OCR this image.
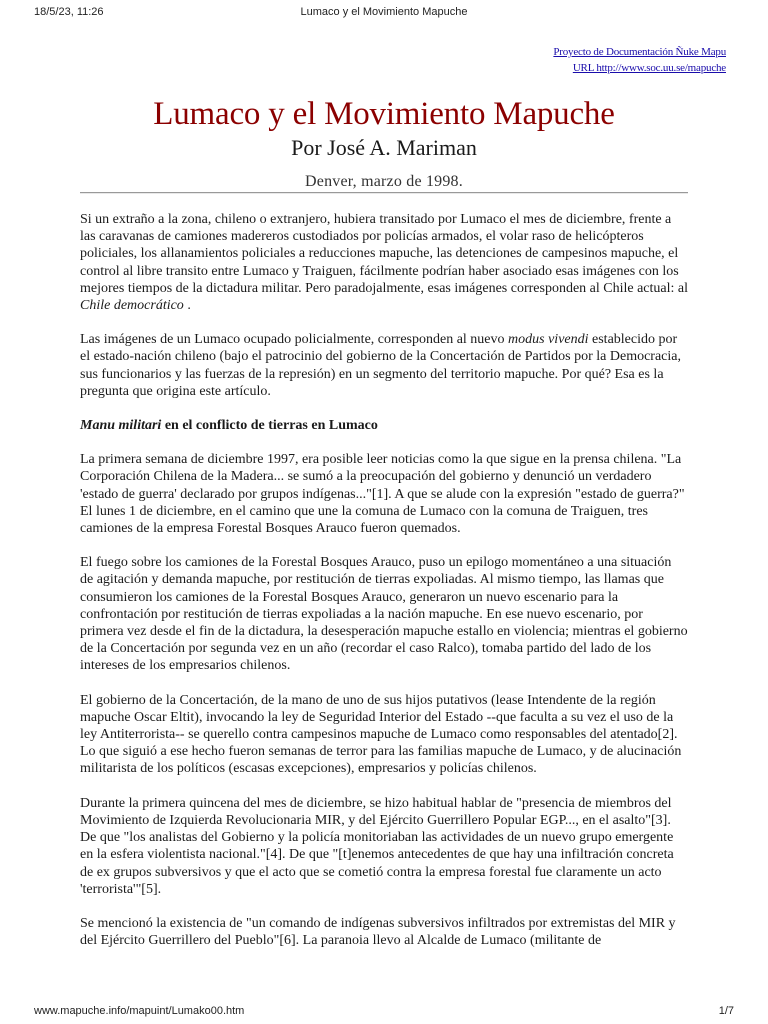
18/5/23, 11:26	Lumaco y el Movimiento Mapuche
Proyecto de Documentación Ñuke Mapu
URL http://www.soc.uu.se/mapuche
Lumaco y el Movimiento Mapuche
Por José A. Mariman
Denver, marzo de 1998.

Si un extraño a la zona, chileno o extranjero, hubiera transitado por Lumaco el mes de diciembre, frente a las caravanas de camiones madereros custodiados por policías armados, el volar raso de helicópteros policiales, los allanamientos policiales a reducciones mapuche, las detenciones de campesinos mapuche, el control al libre transito entre Lumaco y Traiguen, fácilmente podrían haber asociado esas imágenes con los mejores tiempos de la dictadura militar. Pero paradojalmente, esas imágenes corresponden al Chile actual: al Chile democrático .

Las imágenes de un Lumaco ocupado policialmente, corresponden al nuevo modus vivendi establecido por el estado-nación chileno (bajo el patrocinio del gobierno de la Concertación de Partidos por la Democracia, sus funcionarios y las fuerzas de la represión) en un segmento del territorio mapuche. Por qué? Esa es la pregunta que origina este artículo.

Manu militari en el conflicto de tierras en Lumaco

La primera semana de diciembre 1997, era posible leer noticias como la que sigue en la prensa chilena. "La Corporación Chilena de la Madera... se sumó a la preocupación del gobierno y denunció un verdadero 'estado de guerra' declarado por grupos indígenas..."[1]. A que se alude con la expresión "estado de guerra?" El lunes 1 de diciembre, en el camino que une la comuna de Lumaco con la comuna de Traiguen, tres camiones de la empresa Forestal Bosques Arauco fueron quemados.

El fuego sobre los camiones de la Forestal Bosques Arauco, puso un epilogo momentáneo a una situación de agitación y demanda mapuche, por restitución de tierras expoliadas. Al mismo tiempo, las llamas que consumieron los camiones de la Forestal Bosques Arauco, generaron un nuevo escenario para la confrontación por restitución de tierras expoliadas a la nación mapuche. En ese nuevo escenario, por primera vez desde el fin de la dictadura, la desesperación mapuche estallo en violencia; mientras el gobierno de la Concertación por segunda vez en un año (recordar el caso Ralco), tomaba partido del lado de los intereses de los empresarios chilenos.

El gobierno de la Concertación, de la mano de uno de sus hijos putativos (lease Intendente de la región mapuche Oscar Eltit), invocando la ley de Seguridad Interior del Estado --que faculta a su vez el uso de la ley Antiterrorista-- se querello contra campesinos mapuche de Lumaco como responsables del atentado[2]. Lo que siguió a ese hecho fueron semanas de terror para las familias mapuche de Lumaco, y de alucinación militarista de los políticos (escasas excepciones), empresarios y policías chilenos.

Durante la primera quincena del mes de diciembre, se hizo habitual hablar de "presencia de miembros del Movimiento de Izquierda Revolucionaria MIR, y del Ejército Guerrillero Popular EGP..., en el asalto"[3]. De que "los analistas del Gobierno y la policía monitoriaban las actividades de un nuevo grupo emergente en la esfera violentista nacional."[4]. De que "[t]enemos antecedentes de que hay una infiltración concreta de ex grupos subversivos y que el acto que se cometió contra la empresa forestal fue claramente un acto 'terrorista'"[5].

Se mencionó la existencia de "un comando de indígenas subversivos infiltrados por extremistas del MIR y del Ejército Guerrillero del Pueblo"[6]. La paranoia llevo al Alcalde de Lumaco (militante de

www.mapuche.info/mapuint/Lumako00.htm	1/7
